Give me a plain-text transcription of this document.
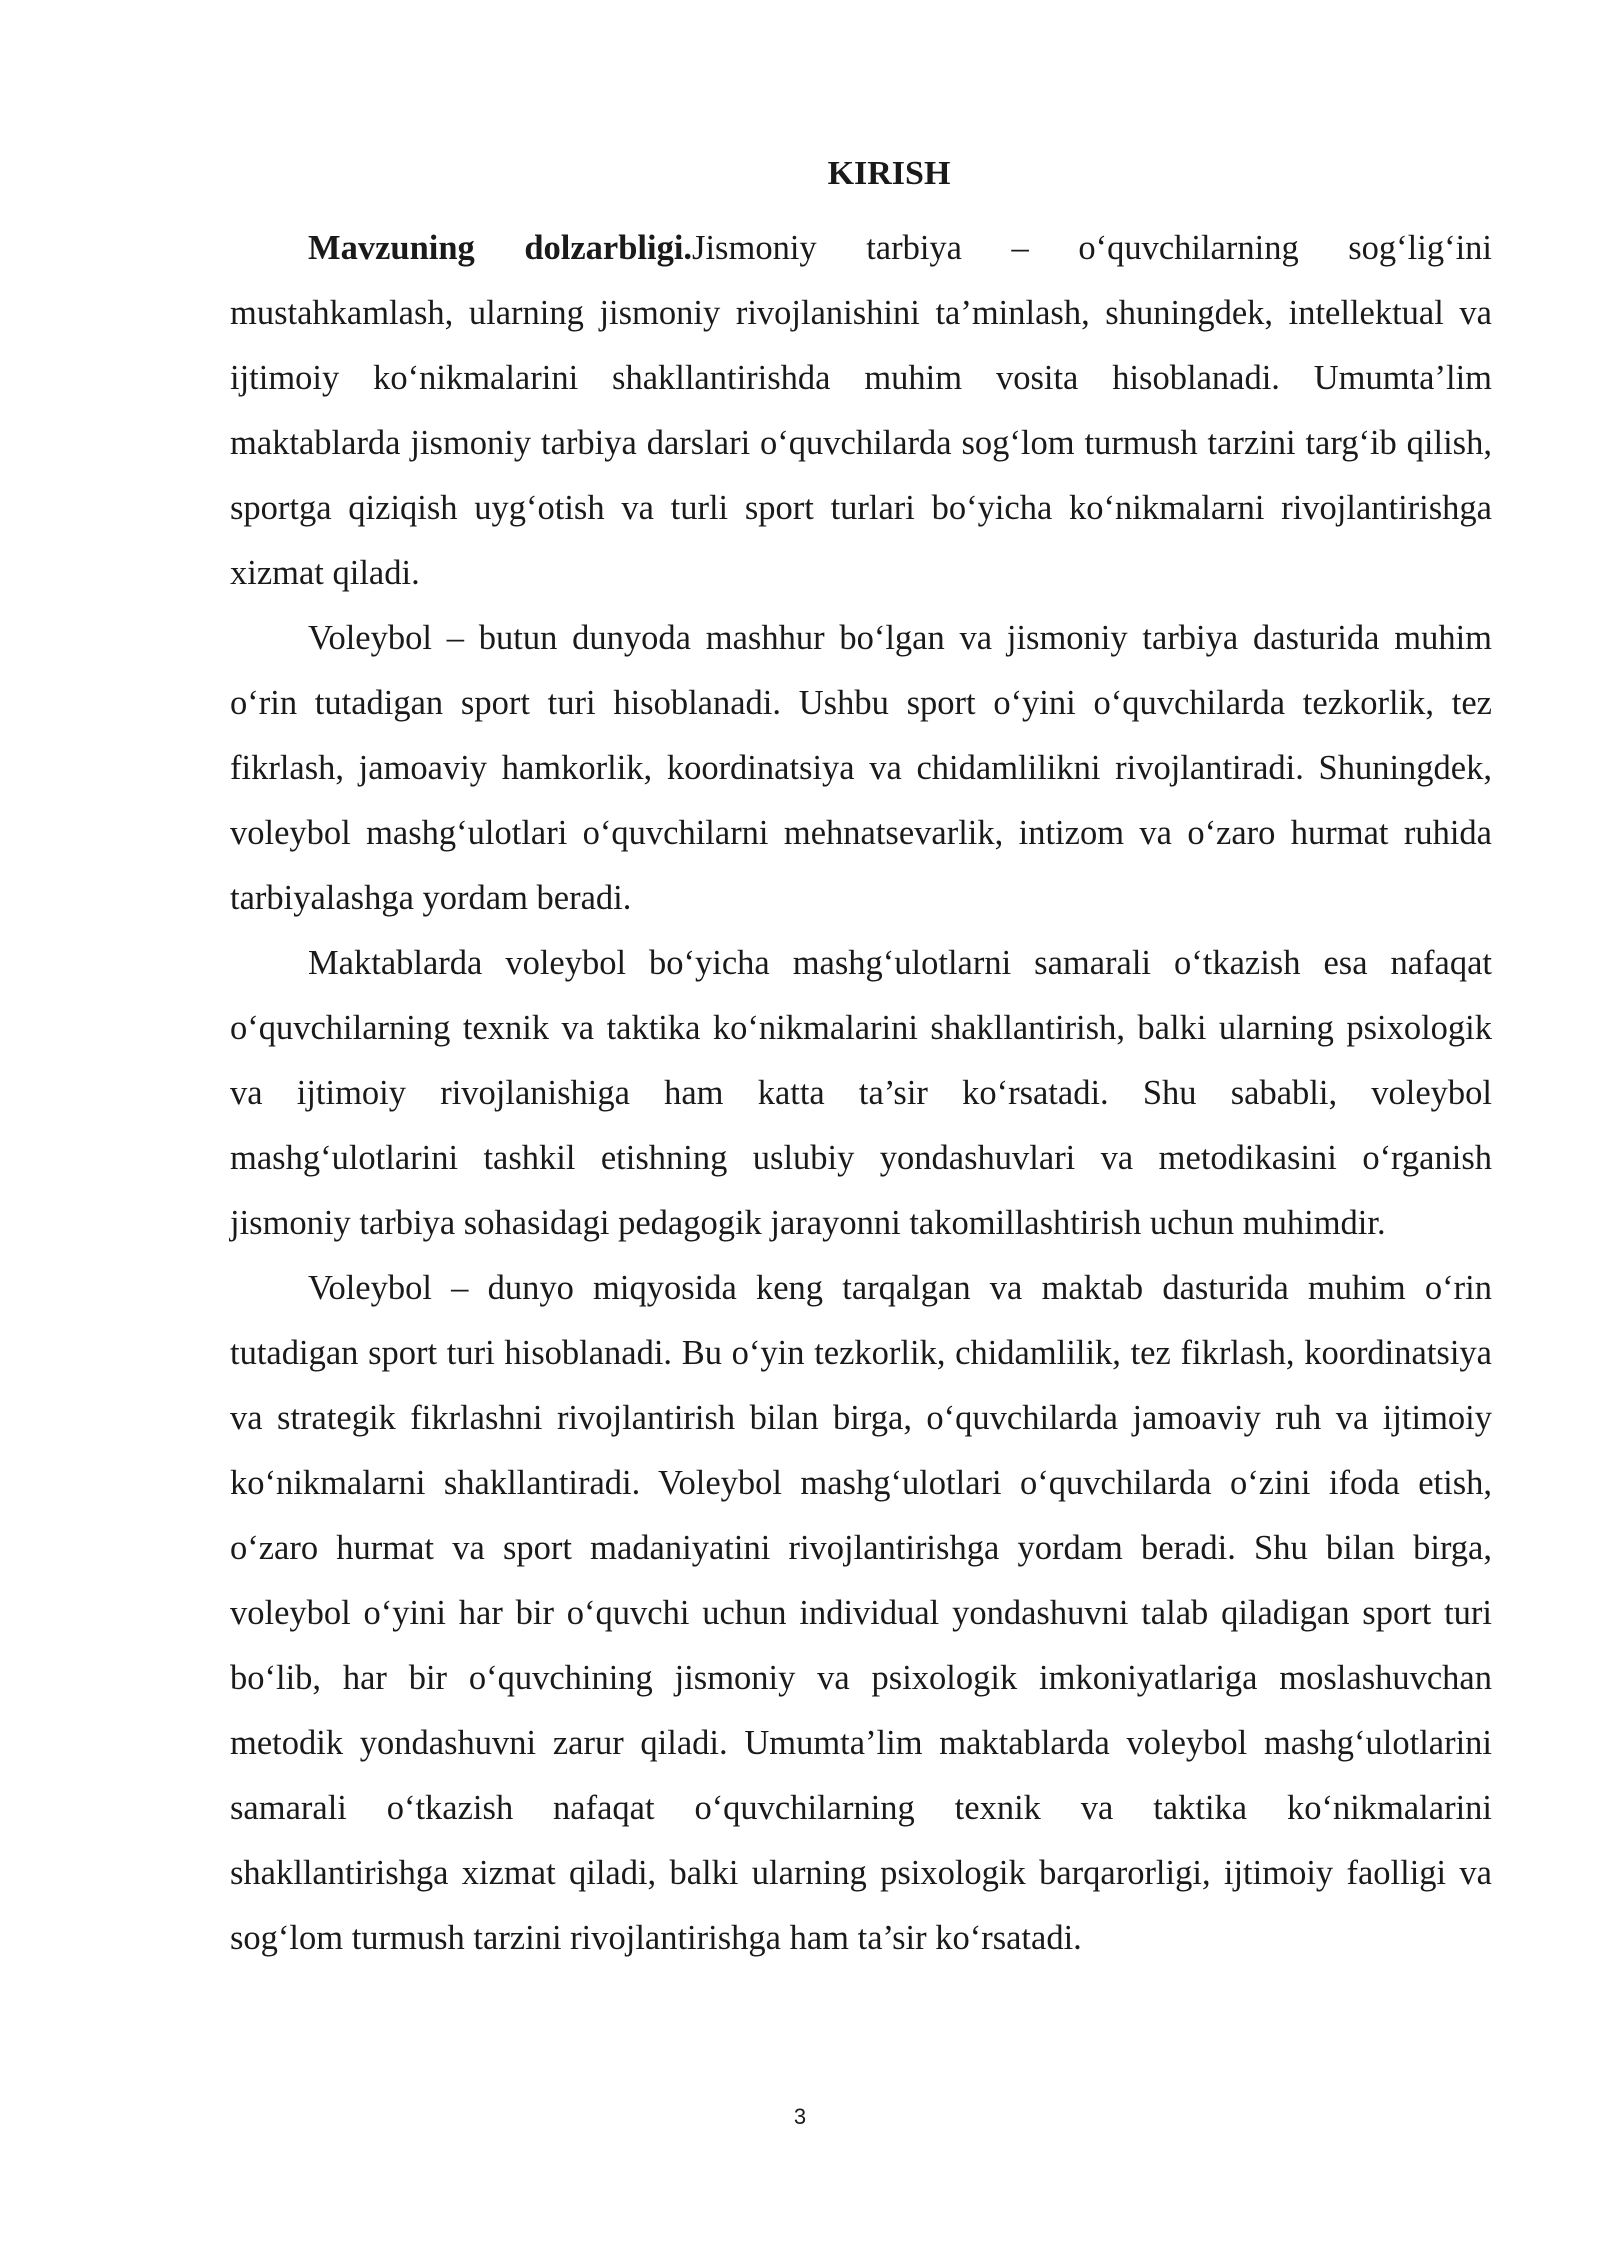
KIRISH

Mavzuning dolzarbligi.Jismoniy tarbiya – o‘quvchilarning sog‘lig‘ini mustahkamlash, ularning jismoniy rivojlanishini ta’minlash, shuningdek, intellektual va ijtimoiy ko‘nikmalarini shakllantirishda muhim vosita hisoblanadi. Umumta’lim maktablarda jismoniy tarbiya darslari o‘quvchilarda sog‘lom turmush tarzini targ‘ib qilish, sportga qiziqish uyg‘otish va turli sport turlari bo‘yicha ko‘nikmalarni rivojlantirishga xizmat qiladi.

Voleybol – butun dunyoda mashhur bo‘lgan va jismoniy tarbiya dasturida muhim o‘rin tutadigan sport turi hisoblanadi. Ushbu sport o‘yini o‘quvchilarda tezkorlik, tez fikrlash, jamoaviy hamkorlik, koordinatsiya va chidamlilikni rivojlantiradi. Shuningdek, voleybol mashg‘ulotlari o‘quvchilarni mehnatsevarlik, intizom va o‘zaro hurmat ruhida tarbiyalashga yordam beradi.

Maktablarda voleybol bo‘yicha mashg‘ulotlarni samarali o‘tkazish esa nafaqat o‘quvchilarning texnik va taktika ko‘nikmalarini shakllantirish, balki ularning psixologik va ijtimoiy rivojlanishiga ham katta ta’sir ko‘rsatadi. Shu sababli, voleybol mashg‘ulotlarini tashkil etishning uslubiy yondashuvlari va metodikasini o‘rganish jismoniy tarbiya sohasidagi pedagogik jarayonni takomillashtirish uchun muhimdir.

Voleybol – dunyo miqyosida keng tarqalgan va maktab dasturida muhim o‘rin tutadigan sport turi hisoblanadi. Bu o‘yin tezkorlik, chidamlilik, tez fikrlash, koordinatsiya va strategik fikrlashni rivojlantirish bilan birga, o‘quvchilarda jamoaviy ruh va ijtimoiy ko‘nikmalarni shakllantiradi. Voleybol mashg‘ulotlari o‘quvchilarda o‘zini ifoda etish, o‘zaro hurmat va sport madaniyatini rivojlantirishga yordam beradi. Shu bilan birga, voleybol o‘yini har bir o‘quvchi uchun individual yondashuvni talab qiladigan sport turi bo‘lib, har bir o‘quvchining jismoniy va psixologik imkoniyatlariga moslashuvchan metodik yondashuvni zarur qiladi. Umumta’lim maktablarda voleybol mashg‘ulotlarini samarali o‘tkazish nafaqat o‘quvchilarning texnik va taktika ko‘nikmalarini shakllantirishga xizmat qiladi, balki ularning psixologik barqarorligi, ijtimoiy faolligi va sog‘lom turmush tarzini rivojlantirishga ham ta’sir ko‘rsatadi.

3
